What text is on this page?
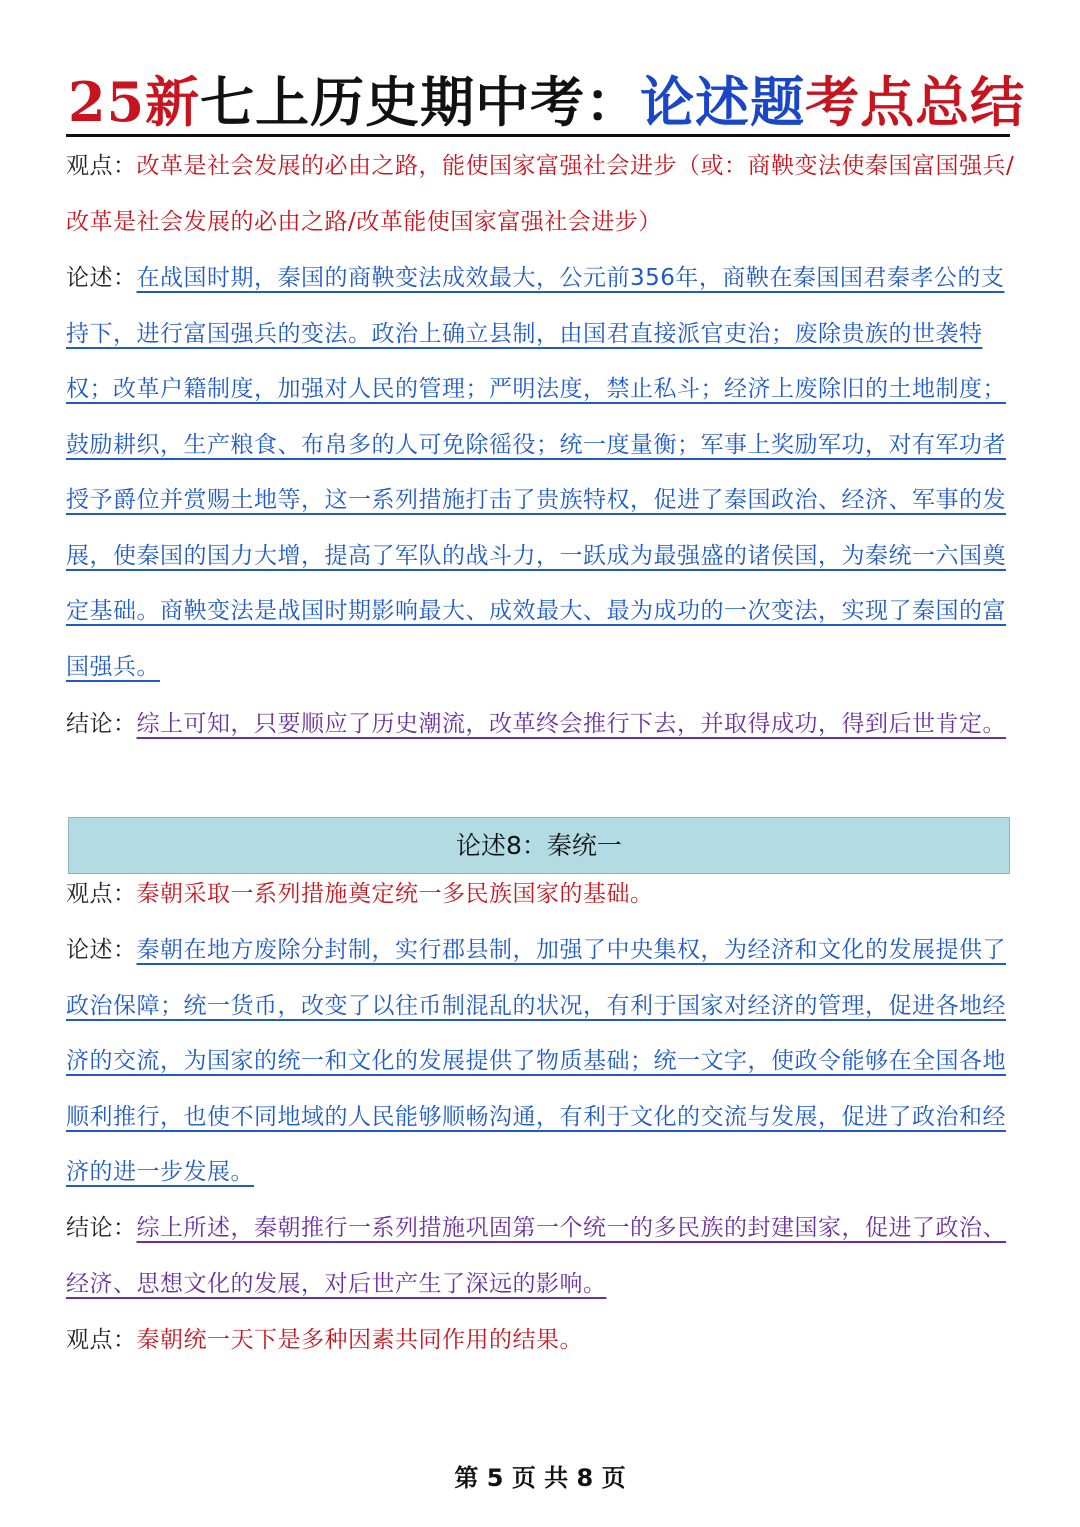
25新七上历史期中考：论述题考点总结

观点：改革是社会发展的必由之路，能使国家富强社会进步（或：商鞅变法使秦国富国强兵/改革是社会发展的必由之路/改革能使国家富强社会进步）

论述：在战国时期，秦国的商鞅变法成效最大，公元前356年，商鞅在秦国国君秦孝公的支持下，进行富国强兵的变法。政治上确立县制，由国君直接派官吏治；废除贵族的世袭特权；改革户籍制度，加强对人民的管理；严明法度，禁止私斗；经济上废除旧的土地制度；鼓励耕织，生产粮食、布帛多的人可免除徭役；统一度量衡；军事上奖励军功，对有军功者授予爵位并赏赐土地等，这一系列措施打击了贵族特权，促进了秦国政治、经济、军事的发展，使秦国的国力大增，提高了军队的战斗力，一跃成为最强盛的诸侯国，为秦统一六国奠定基础。商鞅变法是战国时期影响最大、成效最大、最为成功的一次变法，实现了秦国的富国强兵。

结论：综上可知，只要顺应了历史潮流，改革终会推行下去，并取得成功，得到后世肯定。

论述8：秦统一

观点：秦朝采取一系列措施奠定统一多民族国家的基础。

论述：秦朝在地方废除分封制，实行郡县制，加强了中央集权，为经济和文化的发展提供了政治保障；统一货币，改变了以往币制混乱的状况，有利于国家对经济的管理，促进各地经济的交流，为国家的统一和文化的发展提供了物质基础；统一文字，使政令能够在全国各地顺利推行，也使不同地域的人民能够顺畅沟通，有利于文化的交流与发展，促进了政治和经济的进一步发展。

结论：综上所述，秦朝推行一系列措施巩固第一个统一的多民族的封建国家，促进了政治、经济、思想文化的发展，对后世产生了深远的影响。

观点：秦朝统一天下是多种因素共同作用的结果。

第 5 页 共 8 页
